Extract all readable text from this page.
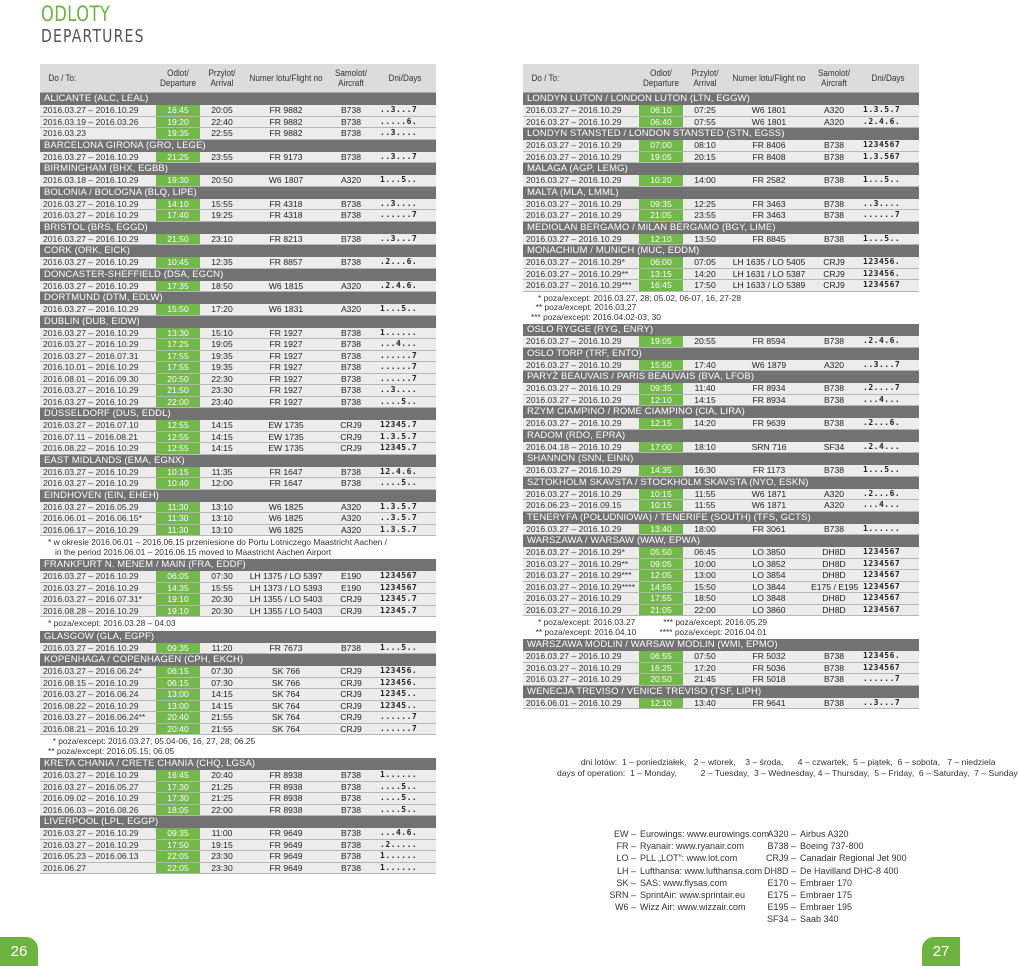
ODLOTY
DEPARTURES
Do / To:	Odlot/ Departure
Przylot/ Arrival	Numer lotu/Flight no	Samolot/ Aircraft	Dni/Days
ALICANTE (ALC, LEAL)
2016.03.27 – 2016.10.29	16:45	20:05	FR 9882	B738	..3...7
2016.03.19 – 2016.03.26	19:20	22:40	FR 9882	B738	.....6.
2016.03.23	19:35	22:55	FR 9882	B738	..3....
BARCELONA GIRONA (GRO, LEGE)
2016.03.27 – 2016.10.29	21:25	23:55	FR 9173	B738	..3...7
BIRMINGHAM (BHX, EGBB)
2016.03.18 – 2016.10.29	19:30	20:50	W6 1807	A320	1...5..
BOLONIA / BOLOGNA (BLQ, LIPE)
2016.03.27 – 2016.10.29	14:10	15:55	FR 4318	B738	..3....
2016.03.27 – 2016.10.29	17:40	19:25	FR 4318	B738	......7
BRISTOL (BRS, EGGD)
2016.03.27 – 2016.10.29	21:50	23:10	FR 8213	B738	..3...7
CORK (ORK, EICK)
2016.03.27 – 2016.10.29	10:45	12:35	FR 8857	B738	.2...6.
DONCASTER-SHEFFIELD (DSA, EGCN)
2016.03.27 – 2016.10.29	17:35	18:50	W6 1815	A320	.2.4.6.
DORTMUND (DTM, EDLW)
2016.03.27 – 2016.10.29	15:50	17:20	W6 1831	A320	1...5..
DUBLIN (DUB, EIDW)
2016.03.27 – 2016.10.29	13:30	15:10	FR 1927	B738	1......
2016.03.27 – 2016.10.29	17:25	19:05	FR 1927	B738	...4...
2016.03.27 – 2016.07.31	17:55	19:35	FR 1927	B738	......7
2016.10.01 – 2016.10.29	17:55	19:35	FR 1927	B738	......7
2016.08.01 – 2016.09.30	20:50	22:30	FR 1927	B738	......7
2016.03.27 – 2016.10.29	21:50	23:30	FR 1927	B738	..3....
2016.03.27 – 2016.10.29	22:00	23:40	FR 1927	B738	....5..
DÜSSELDORF (DUS, EDDL)
2016.03.27 – 2016.07.10	12:55	14:15	EW 1735	CRJ9	12345.7
2016.07.11 – 2016.08.21	12:55	14:15	EW 1735	CRJ9	1.3.5.7
2016.08.22 – 2016.10.29	12:55	14:15	EW 1735	CRJ9	12345.7
EAST MIDLANDS (EMA, EGNX)
2016.03.27 – 2016.10.29	10:15	11:35	FR 1647	B738	12.4.6.
2016.03.27 – 2016.10.29	10:40	12:00	FR 1647	B738	....5..
EINDHOVEN (EIN, EHEH)
2016.03.27 – 2016.05.29	11:30	13:10	W6 1825	A320	1.3.5.7
2016.06.01 – 2016.06.15*	11:30	13:10	W6 1825	A320	..3.5.7
2016.06.17 – 2016.10.29	11:30	13:10	W6 1825	A320	1.3.5.7
* w okresie 2016.06.01 – 2016.06.15 przeniesione do Portu Lotniczego Maastricht Aachen /
in the period 2016.06.01 – 2016.06.15 moved to Maastricht Aachen Airport
FRANKFURT N. MENEM / MAIN (FRA, EDDF)
2016.03.27 – 2016.10.29	06:05	07:30	LH 1375 / LO 5397	E190	1234567
2016.03.27 – 2016.10.29	14:35	15:55	LH 1373 / LO 5393	E190	1234567
2016.03.27 – 2016.07.31*	19:10	20:30	LH 1355 / LO 5403	CRJ9	12345.7
2016.08.28 – 2016.10.29	19:10	20:30	LH 1355 / LO 5403	CRJ9	12345.7
* poza/except: 2016.03.28 – 04.03
GLASGOW (GLA, EGPF)
2016.03.27 – 2016.10.29	09:35	11:20	FR 7673	B738	1...5..
KOPENHAGA / COPENHAGEN (CPH, EKCH)
2016.03.27 – 2016.06.24*	06:15	07:30	SK 766	CRJ9	123456.
2016.08.15 – 2016.10.29	06:15	07:30	SK 766	CRJ9	123456.
2016.03.27 – 2016.06.24	13:00	14:15	SK 764	CRJ9	12345..
2016.08.22 – 2016.10.29	13:00	14:15	SK 764	CRJ9	12345..
2016.03.27 – 2016.06.24**	20:40	21:55	SK 764	CRJ9	......7
2016.08.21 – 2016.10.29	20:40	21:55	SK 764	CRJ9	......7
* poza/except: 2016.03.27; 05.04-06, 16, 27, 28; 06.25
** poza/except: 2016.05.15; 06.05
KRETA CHANIA / CRETE CHANIA (CHQ, LGSA)
2016.03.27 – 2016.10.29	16:45	20:40	FR 8938	B738	1......
2016.03.27 – 2016.05.27	17:30	21:25	FR 8938	B738	....5..
2016.09.02 – 2016.10.29	17:30	21:25	FR 8938	B738	....5..
2016.06.03 – 2016.08.26	18:05	22:00	FR 8938	B738	....5..
LIVERPOOL (LPL, EGGP)
2016.03.27 – 2016.10.29	09:35	11:00	FR 9649	B738	...4.6.
2016.03.27 – 2016.10.29	17:50	19:15	FR 9649	B738	.2.....
2016.05.23 – 2016.06.13	22:05	23:30	FR 9649	B738	1......
2016.06.27	22:05	23:30	FR 9649	B738	1......
Do / To:	Odlot/ Departure
Przylot/ Arrival	Numer lotu/Flight no	Samolot/ Aircraft	Dni/Days
LONDYN LUTON / LONDON LUTON (LTN, EGGW)
2016.03.27 – 2016.10.29	06:10	07:25	W6 1801	A320	1.3.5.7
2016.03.27 – 2016.10.29	06:40	07:55	W6 1801	A320	.2.4.6.
LONDYN STANSTED / LONDON STANSTED (STN, EGSS)
2016.03.27 – 2016.10.29	07:00	08:10	FR 8406	B738	1234567
2016.03.27 – 2016.10.29	19:05	20:15	FR 8408	B738	1.3.567
MALAGA (AGP, LEMG)
2016.03.27 – 2016.10.29	10:20	14:00	FR 2582	B738	1...5..
MALTA (MLA, LMML)
2016.03.27 – 2016.10.29	09:35	12:25	FR 3463	B738	..3....
2016.03.27 – 2016.10.29	21:05	23:55	FR 3463	B738	......7
MEDIOLAN BERGAMO / MILAN BERGAMO (BGY, LIME)
2016.03.27 – 2016.10.29	12:10	13:50	FR 8845	B738	1...5..
MONACHIUM / MUNICH (MUC, EDDM)
2016.03.27 – 2016.10.29*	06:00	07:05	LH 1635 / LO 5405	CRJ9	123456.
2016.03.27 – 2016.10.29**	13:15	14:20	LH 1631 / LO 5387	CRJ9	123456.
2016.03.27 – 2016.10.29***	16:45	17:50	LH 1633 / LO 5389	CRJ9	1234567
* poza/except: 2016.03.27, 28; 05.02, 06-07, 16, 27-28
** poza/except: 2016.03.27
*** poza/except: 2016.04.02-03, 30
OSLO RYGGE (RYG, ENRY)
2016.03.27 – 2016.10.29	19:05	20:55	FR 8594	B738	.2.4.6.
OSLO TORP (TRF, ENTO)
2016.03.27 – 2016.10.29	15:50	17:40	W6 1879	A320	..3...7
PARYŻ BEAUVAIS / PARIS BEAUVAIS (BVA, LFOB)
2016.03.27 – 2016.10.29	09:35	11:40	FR 8934	B738	.2....7
2016.03.27 – 2016.10.29	12:10	14:15	FR 8934	B738	...4...
RZYM CIAMPINO / ROME CIAMPINO (CIA, LIRA)
2016.03.27 – 2016.10.29	12:15	14:20	FR 9639	B738	.2...6.
RADOM (RDO, EPRA)
2016.04.18 – 2016.10.29	17:00	18:10	SRN 716	SF34	.2.4...
SHANNON (SNN, EINN)
2016.03.27 – 2016.10.29	14:35	16:30	FR 1173	B738	1...5..
SZTOKHOLM SKAVSTA / STOCKHOLM SKAVSTA (NYO, ESKN)
2016.03.27 – 2016.10.29	10:15	11:55	W6 1871	A320	.2...6.
2016.06.23 – 2016.09.15	10:15	11:55	W6 1871	A320	...4...
TENERYFA (POŁUDNIOWA) / TENERIFE (SOUTH) (TFS, GCTS)
2016.03.27 – 2016.10.29	13:40	18:00	FR 3061	B738	1......
WARSZAWA / WARSAW (WAW, EPWA)
2016.03.27 – 2016.10.29*	05:50	06:45	LO 3850	DH8D	1234567
2016.03.27 – 2016.10.29**	09:05	10:00	LO 3852	DH8D	1234567
2016.03.27 – 2016.10.29***	12:05	13:00	LO 3854	DH8D	1234567
2016.03.27 – 2016.10.29****	14:55	15:50	LO 3844	E175 / E195 1234567
2016.03.27 – 2016.10.29	17:55	18:50	LO 3848	DH8D	1234567
2016.03.27 – 2016.10.29	21:05	22:00	LO 3860	DH8D	1234567
* poza/except: 2016.03.27            *** poza/except: 2016.05.29
** poza/except: 2016.04.10          **** poza/except: 2016.04.01
WARSZAWA MODLIN / WARSAW MODLIN (WMI, EPMO)
2016.03.27 – 2016.10.29	06:55	07:50	FR 5032	B738	123456.
2016.03.27 – 2016.10.29	16:25	17:20	FR 5036	B738	1234567
2016.03.27 – 2016.10.29	20:50	21:45	FR 5018	B738	......7
WENECJA TREVISO / VENICE TREVISO (TSF, LIPH)
2016.06.01 – 2016.10.29	12:10	13:40	FR 9641	B738	..3...7
dni lotów:  1 – poniedziałek,   2 – wtorek,    3 – środa,      4 – czwartek,  5 – piątek,  6 – sobota,   7 – niedziela
days of operation:  1 – Monday,          2 – Tuesday,  3 – Wednesday, 4 – Thursday,  5 – Friday,  6 – Saturday,  7 – Sunday
EW – Eurowings: www.eurowings.com
FR – Ryanair: www.ryanair.com
LO – PLL „LOT”: www.lot.com
LH – Lufthansa: www.lufthansa.com
SK – SAS: www.flysas.com
SRN – SprintAir: www.sprintair.eu
W6 – Wizz Air: www.wizzair.com
A320 – Airbus A320
B738 – Boeing 737-800
CRJ9 – Canadair Regional Jet 900
DH8D – De Havilland DHC-8 400
E170 – Embraer 170
E175 – Embraer 175
E195 – Embraer 195
SF34 – Saab 340
26	27
